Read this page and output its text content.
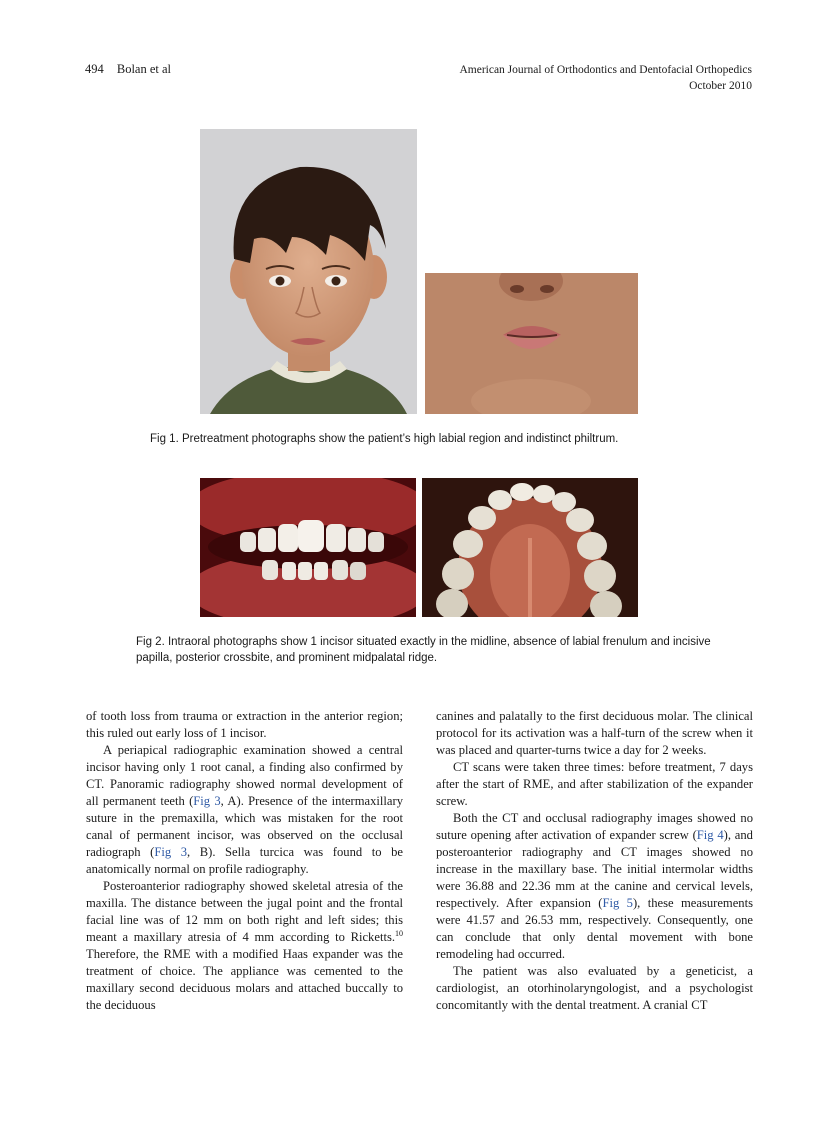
494 Bolan et al	American Journal of Orthodontics and Dentofacial Orthopedics
October 2010
Fig 1. Pretreatment photographs show the patient’s high labial region and indistinct philtrum.
Fig 2. Intraoral photographs show 1 incisor situated exactly in the midline, absence of labial frenulum and incisive papilla, posterior crossbite, and prominent midpalatal ridge.

of tooth loss from trauma or extraction in the anterior region; this ruled out early loss of 1 incisor.

A periapical radiographic examination showed a central incisor having only 1 root canal, a finding also confirmed by CT. Panoramic radiography showed normal development of all permanent teeth (Fig 3, A). Presence of the intermaxillary suture in the premaxilla, which was mistaken for the root canal of permanent incisor, was observed on the occlusal radiograph (Fig 3, B). Sella turcica was found to be anatomically normal on profile radiography.

Posteroanterior radiography showed skeletal atresia of the maxilla. The distance between the jugal point and the frontal facial line was of 12 mm on both right and left sides; this meant a maxillary atresia of 4 mm according to Ricketts.$^{10}$ Therefore, the RME with a modified Haas expander was the treatment of choice. The appliance was cemented to the maxillary second deciduous molars and attached buccally to the deciduous

canines and palatally to the first deciduous molar. The clinical protocol for its activation was a half-turn of the screw when it was placed and quarter-turns twice a day for 2 weeks.

CT scans were taken three times: before treatment, 7 days after the start of RME, and after stabilization of the expander screw.

Both the CT and occlusal radiography images showed no suture opening after activation of expander screw (Fig 4), and posteroanterior radiography and CT images showed no increase in the maxillary base. The initial intermolar widths were 36.88 and 22.36 mm at the canine and cervical levels, respectively. After expansion (Fig 5), these measurements were 41.57 and 26.53 mm, respectively. Consequently, one can conclude that only dental movement with bone remodeling had occurred.

The patient was also evaluated by a geneticist, a cardiologist, an otorhinolaryngologist, and a psychologist concomitantly with the dental treatment. A cranial CT
